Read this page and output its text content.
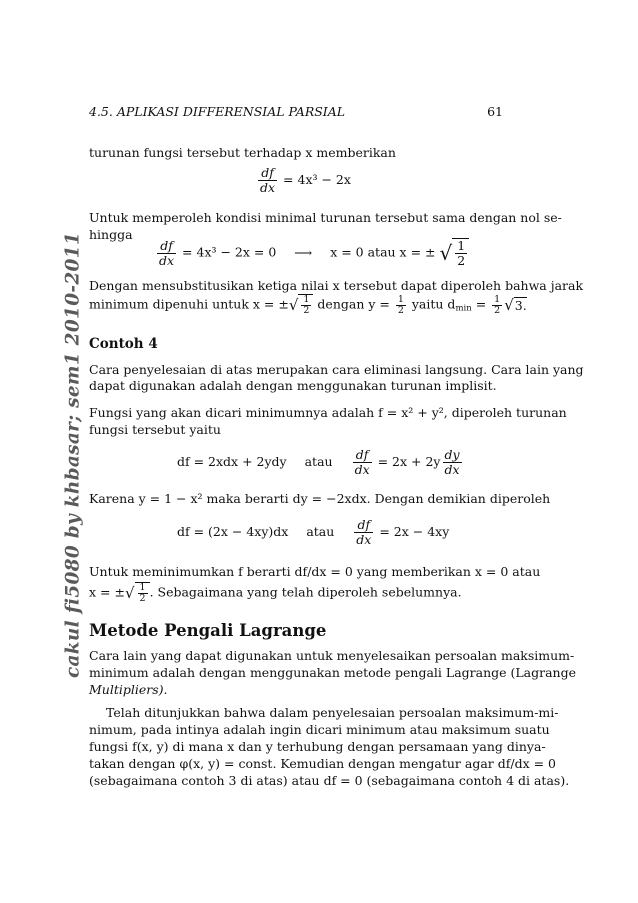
cakul fi5080 by khbasar; sem1 2010-2011
4.5. APLIKASI DIFFERENSIAL PARSIAL	61
turunan fungsi tersebut terhadap x memberikan
$\frac{df}{dx} = 4x^3 - 2x$
Untuk memperoleh kondisi minimal turunan tersebut sama dengan nol se-
hingga
$\frac{df}{dx} = 4x^3 - 2x = 0$ ⟶ x = 0 atau x = ± √ $\frac{1}{2}$
Dengan mensubstitusikan ketiga nilai x tersebut dapat diperoleh bahwa jarak
minimum dipenuhi untuk x = ±√ $\frac{1}{2}$ dengan $y = \frac{1}{2}$ yaitu $d_{min} = \frac{1}{2} √3$.
Contoh 4
Cara penyelesaian di atas merupakan cara eliminasi langsung. Cara lain yang
dapat digunakan adalah dengan menggunakan turunan implisit.
Fungsi yang akan dicari minimumnya adalah f = x² + y², diperoleh turunan
fungsi tersebut yaitu
df = 2xdx + 2ydy atau $\frac{df}{dx} = 2x + 2y \frac{dy}{dx}$
Karena y = 1 − x² maka berarti dy = −2xdx. Dengan demikian diperoleh
df = (2x − 4xy)dx atau $\frac{df}{dx} = 2x - 4xy$
Untuk meminimumkan f berarti df/dx = 0 yang memberikan x = 0 atau
x = ±√ $\frac{1}{2}$ . Sebagaimana yang telah diperoleh sebelumnya.
Metode Pengali Lagrange
Cara lain yang dapat digunakan untuk menyelesaikan persoalan maksimum-
minimum adalah dengan menggunakan metode pengali Lagrange (Lagrange
Multipliers).
Telah ditunjukkan bahwa dalam penyelesaian persoalan maksimum-mi-
nimum, pada intinya adalah ingin dicari minimum atau maksimum suatu
fungsi f(x, y) di mana x dan y terhubung dengan persamaan yang dinya-
takan dengan φ(x, y) = const. Kemudian dengan mengatur agar df/dx = 0
(sebagaimana contoh 3 di atas) atau df = 0 (sebagaimana contoh 4 di atas).
